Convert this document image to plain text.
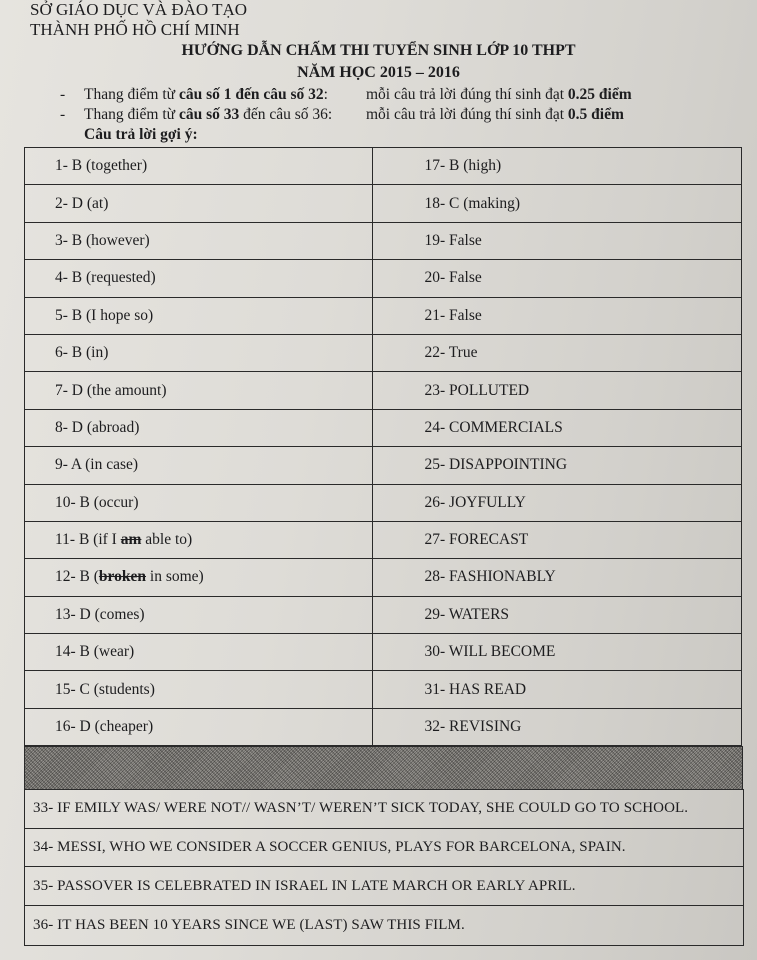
SỞ GIÁO DỤC VÀ ĐÀO TẠO
THÀNH PHỐ HỒ CHÍ MINH
HƯỚNG DẪN CHẤM THI TUYỂN SINH LỚP 10 THPT
NĂM HỌC 2015 – 2016
- Thang điểm từ câu số 1 đến câu số 32: mỗi câu trả lời đúng thí sinh đạt 0.25 điểm
- Thang điểm từ câu số 33 đến câu số 36: mỗi câu trả lời đúng thí sinh đạt 0.5 điểm
Câu trả lời gợi ý:
1- B (together)	17- B (high)
2- D (at)	18- C (making)
3- B (however)	19- False
4- B (requested)	20- False
5- B (I hope so)	21- False
6- B (in)	22- True
7- D (the amount)	23- POLLUTED
8- D (abroad)	24- COMMERCIALS
9- A (in case)	25- DISAPPOINTING
10- B (occur)	26- JOYFULLY
11- B (if I am able to)	27- FORECAST
12- B ( broken in some)	28- FASHIONABLY
13- D (comes)	29- WATERS
14- B (wear)	30- WILL BECOME
15- C (students)	31- HAS READ
16- D (cheaper)	32- REVISING
33- IF EMILY WAS/ WERE NOT// WASN’T/ WEREN’T SICK TODAY, SHE COULD GO TO SCHOOL.
34- MESSI, WHO WE CONSIDER A SOCCER GENIUS, PLAYS FOR BARCELONA, SPAIN.
35- PASSOVER IS CELEBRATED IN ISRAEL IN LATE MARCH OR EARLY APRIL.
36- IT HAS BEEN 10 YEARS SINCE WE (LAST) SAW THIS FILM.
